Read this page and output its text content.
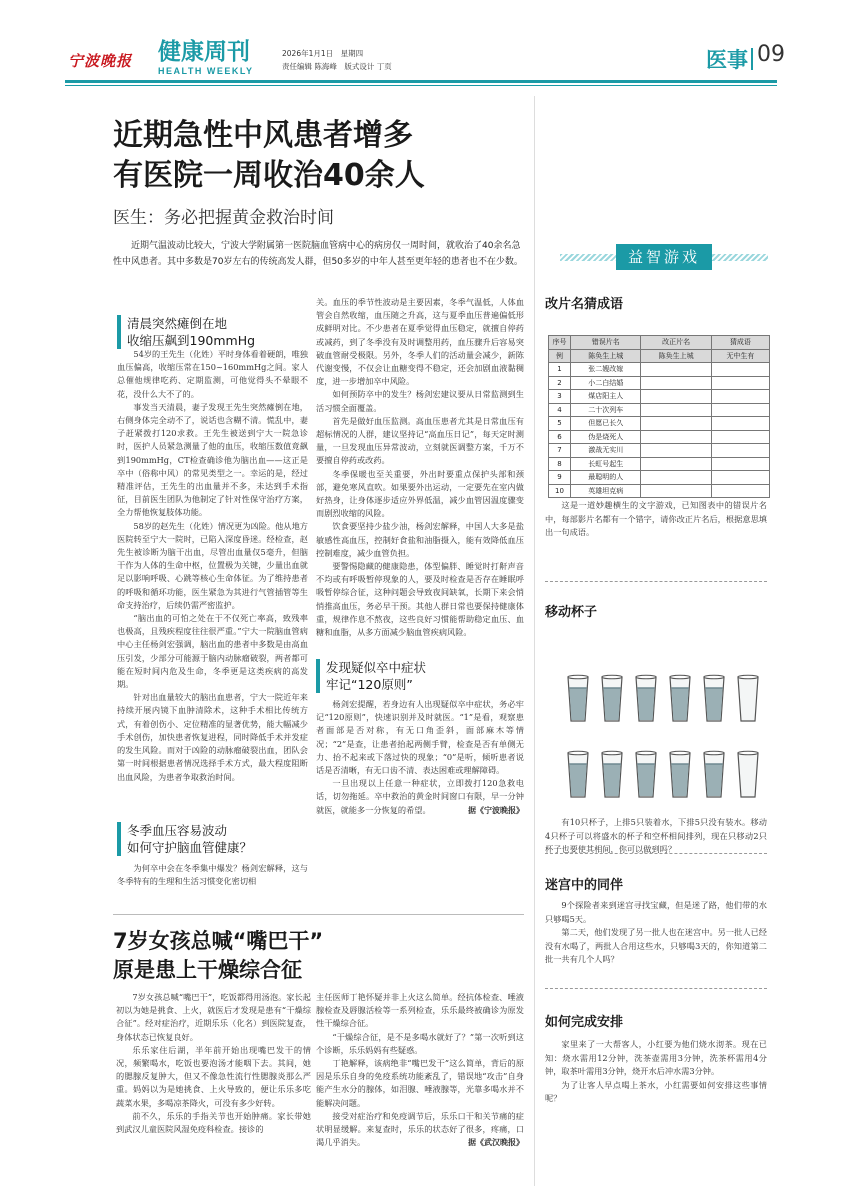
宁波晚报 健康周刊
HEALTH WEEKLY
2026年1月1日　星期四
责任编辑 陈海峰　版式设计 丁页	医事 09
近期急性中风患者增多
有医院一周收治40余人
医生：务必把握黄金救治时间

近期气温波动比较大，宁波大学附属第一医院脑血管病中心的病房仅一周时间，就收治了40余名急性中风患者。其中多数是70岁左右的传统高发人群，但50多岁的中年人甚至更年轻的患者也不在少数。

清晨突然瘫倒在地
收缩压飙到190mmHg

54岁的王先生（化姓）平时身体看着硬朗，唯独血压偏高，收缩压常在150~160mmHg之间。家人总催他规律吃药、定期监测，可他觉得头不晕眼不花，没什么大不了的。

事发当天清晨，妻子发现王先生突然瘫倒在地，右侧身体完全动不了，说话也含糊不清。慌乱中，妻子赶紧拨打120求救。王先生被送到宁大一院急诊时，医护人员紧急测量了他的血压，收缩压数值竟飙到190mmHg，CT检查确诊他为脑出血——这正是卒中（俗称中风）的常见类型之一。幸运的是，经过精准评估，王先生的出血量并不多，未达到手术指征，目前医生团队为他制定了针对性保守治疗方案，全力帮他恢复肢体功能。

58岁的赵先生（化姓）情况更为凶险。他从地方医院转至宁大一院时，已陷入深度昏迷。经检查，赵先生被诊断为脑干出血，尽管出血量仅5毫升，但脑干作为人体的生命中枢，位置极为关键，少量出血就足以影响呼吸、心跳等核心生命体征。为了维持患者的呼吸和循环功能，医生紧急为其进行气管插管等生命支持治疗，后续仍需严密监护。

“脑出血的可怕之处在于不仅死亡率高，致残率也极高，且残疾程度往往很严重。”宁大一院脑血管病中心主任杨剑宏强调，脑出血的患者中多数是由高血压引发，少部分可能源于脑内动脉瘤破裂，两者都可能在短时间内危及生命，冬季更是这类疾病的高发期。

针对出血量较大的脑出血患者，宁大一院近年来持续开展内镜下血肿清除术，这种手术相比传统方式，有着创伤小、定位精准的显著优势，能大幅减少手术创伤，加快患者恢复进程，同时降低手术并发症的发生风险。而对于凶险的动脉瘤破裂出血，团队会第一时间根据患者情况选择手术方式，最大程度阻断出血风险，为患者争取救治时间。

冬季血压容易波动
如何守护脑血管健康？

为何卒中会在冬季集中爆发？杨剑宏解释，这与冬季特有的生理和生活习惯变化密切相

关。血压的季节性波动是主要因素，冬季气温低，人体血管会自然收缩，血压随之升高，这与夏季血压普遍偏低形成鲜明对比。不少患者在夏季觉得血压稳定，就擅自停药或减药，到了冬季没有及时调整用药，血压骤升后容易突破血管耐受极限。另外，冬季人们的活动量会减少，新陈代谢变慢，不仅会让血糖变得不稳定，还会加剧血液黏稠度，进一步增加卒中风险。

如何预防卒中的发生？杨剑宏建议要从日常监测到生活习惯全面覆盖。

首先是做好血压监测。高血压患者尤其是日常血压有超标情况的人群，建议坚持记“高血压日记”，每天定时测量，一旦发现血压异常波动，立刻就医调整方案，千万不要擅自停药或改药。

冬季保暖也至关重要，外出时要重点保护头部和颈部，避免寒风直吹。如果要外出运动，一定要先在室内做好热身，让身体逐步适应外界低温，减少血管因温度骤变而剧烈收缩的风险。

饮食要坚持少盐少油，杨剑宏解释，中国人大多是盐敏感性高血压，控制好食盐和油脂摄入，能有效降低血压控制难度，减少血管负担。

要警惕隐藏的健康隐患，体型偏胖、睡觉时打鼾声音不均或有呼吸暂停现象的人，要及时检查是否存在睡眠呼吸暂停综合征，这种问题会导致夜间缺氧，长期下来会悄悄推高血压，务必早干预。其他人群日常也要保持健康体重，规律作息不熬夜，这些良好习惯能帮助稳定血压、血糖和血脂，从多方面减少脑血管疾病风险。

发现疑似卒中症状
牢记“120原则”

杨剑宏提醒，若身边有人出现疑似卒中症状，务必牢记“120原则”，快速识别并及时就医。“1”是看，观察患者面部是否对称，有无口角歪斜，面部麻木等情况；“2”是查，让患者抬起两侧手臂，检查是否有单侧无力、抬不起来或下落过快的现象；“0”是听，倾听患者说话是否清晰，有无口齿不清、表达困难或理解障碍。

一旦出现以上任意一种症状，立即拨打120急救电话，切勿拖延。卒中救治的黄金时间窗口有限，早一分钟就医，就能多一分恢复的希望。	据《宁波晚报》

7岁女孩总喊“嘴巴干”
原是患上干燥综合征

7岁女孩总喊“嘴巴干”，吃饭都得用汤泡。家长起初以为她是挑食、上火，就医后才发现是患有“干燥综合征”。经对症治疗，近期乐乐（化名）到医院复查，身体状态已恢复良好。

乐乐家住后湖，半年前开始出现嘴巴发干的情况，频繁喝水，吃饭也要泡汤才能咽下去。其间，她的腮腺反复肿大，但又不像急性流行性腮腺炎那么严重。妈妈以为是她挑食、上火导致的，便让乐乐多吃蔬菜水果，多喝凉茶降火，可没有多少好转。

前不久，乐乐的手指关节也开始肿痛。家长带她到武汉儿童医院风湿免疫科检查。接诊的

主任医师丁艳怀疑并非上火这么简单。经抗体检查、唾液腺检查及唇腺活检等一系列检查，乐乐最终被确诊为原发性干燥综合征。

“干燥综合征，是不是多喝水就好了？”第一次听到这个诊断，乐乐妈妈有些疑惑。

丁艳解释，该病绝非“嘴巴发干”这么简单，背后的原因是乐乐自身的免疫系统功能紊乱了，错误地“攻击”自身能产生水分的腺体，如泪腺、唾液腺等，光靠多喝水并不能解决问题。

接受对症治疗和免疫调节后，乐乐口干和关节痛的症状明显缓解。来复查时，乐乐的状态好了很多，疼痛，口渴几乎消失。	据《武汉晚报》

益智游戏
改片名猜成语
序号	错误片名	改正片名	猜成语
例	陈奂生上城	陈奂生上城	无中生有
1	张二嫂改嫁		
2	小二白结婚		
3	煤店阳主人		
4	二十次列车		
5	但愿已长久		
6	伪是烧死人		
7	激战无实川		
8	长虹号起生		
9	最聪明的人		
10	英雄坦克病		

这是一道妙趣横生的文字游戏，已知图表中的错误片名中，每部影片名都有一个错字，请你改正片名后，根据意思填出一句成语。

移动杯子

有10只杯子，上排5只装着水，下排5只没有装水。移动4只杯子可以将盛水的杯子和空杯相间排列，现在只移动2只杯子也要使其相间，你可以做到吗？

迷宫中的同伴

9个探险者来到迷宫寻找宝藏，但是迷了路，他们带的水只够喝5天。

第二天，他们发现了另一批人也在迷宫中。另一批人已经没有水喝了，两批人合用这些水，只够喝3天的，你知道第二批一共有几个人吗？

如何完成安排

家里来了一大帮客人，小红要为他们烧水沏茶。现在已知：烧水需用12分钟，洗茶壶需用3分钟，洗茶杯需用4分钟，取茶叶需用3分钟，烧开水后冲水需3分钟。

为了让客人早点喝上茶水，小红需要如何安排这些事情呢？
